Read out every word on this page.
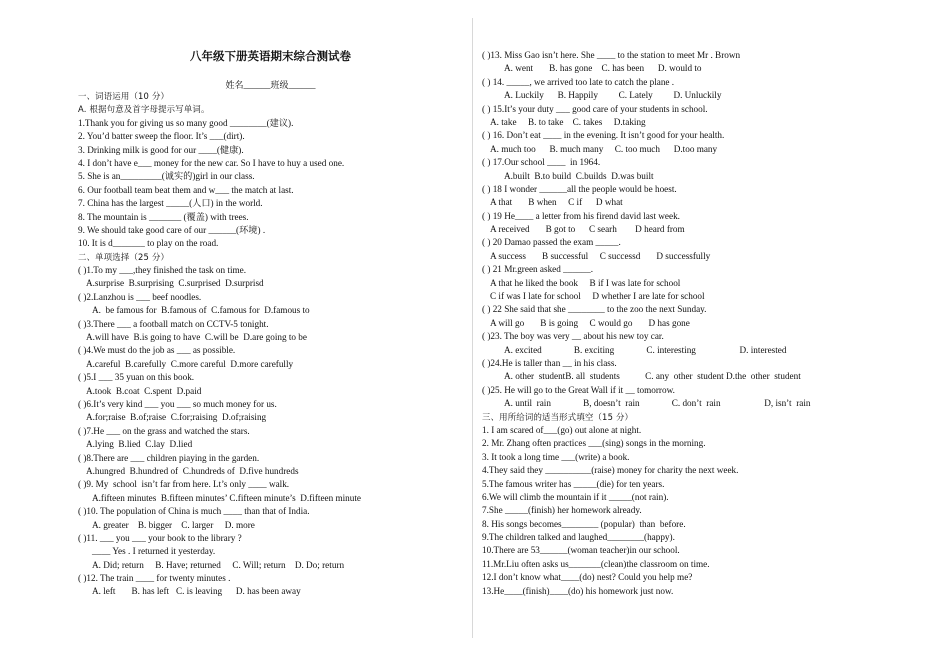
八年级下册英语期末综合测试卷
姓名______班级______
一、词语运用（10 分）
A. 根据句意及首字母提示写单词。
1.Thank you for giving us so many good ________(建议).
2. You’d batter sweep the floor. It’s ___(dirt).
3. Drinking milk is good for our ____(健康).
4. I don’t have e___ money for the new car. So I have to huy a used one.
5. She is an_________(诚实的)girl in our class.
6. Our football team beat them and w___ the match at last.
7. China has the largest _____(人口) in the world.
8. The mountain is _______ (覆盖) with trees.
9. We should take good care of our ______(环境) .
10. It is d_______ to play on the road.
二、单项选择（25 分）
( )1.To my ___,they finished the task on time.
A.surprise  B.surprising  C.surprised  D.surprisd
( )2.Lanzhou is ___ beef noodles.
A.  be famous for  B.famous of  C.famous for  D.famous to
( )3.There ___ a football match on CCTV-5 tonight.
A.will have  B.is going to have  C.will be  D.are going to be
( )4.We must do the job as ___ as possible.
A.careful  B.carefully  C.more careful  D.more carefully
( )5.I ___ 35 yuan on this book.
A.took  B.coat  C.spent  D.paid
( )6.It’s very kind ___ you ___ so much money for us.
A.for;raise  B.of;raise  C.for;raising  D.of;raising
( )7.He ___ on the grass and watched the stars.
A.lying  B.lied  C.lay  D.lied
( )8.There are ___ children piaying in the garden.
A.hungred  B.hundred of  C.hundreds of  D.five hundreds
( )9. My  school  isn’t far from here. Lt’s only ____ walk.
A.fifteen minutes  B.fifteen minutes’ C.fifteen minute’s  D.fifteen minute
( )10. The population of China is much ____ than that of India.
A. greater    B. bigger    C. larger     D. more
( )11. ___ you ___ your book to the library ?
____ Yes . I returned it yesterday.
A. Did; return     B. Have; returned     C. Will; return    D. Do; return
( )12. The train ____ for twenty minutes .
A. left       B. has left   C. is leaving      D. has been away
( )13. Miss Gao isn’t here. She ____ to the station to meet Mr . Brown
A. went       B. has gone    C. has been      D. would to
( ) 14. _____, we arrived too late to catch the plane .
A. Luckily      B. Happily         C. Lately         D. Unluckily
( ) 15.It’s your duty ___ good care of your students in school.
A. take     B. to take    C. takes     D.taking
( ) 16. Don’t eat ____ in the evening. It isn’t good for your health.
A. much too      B. much many     C. too much      D.too many
( ) 17.Our school ____  in 1964.
A.built  B.to build  C.builds  D.was built
( ) 18 I wonder ______all the people would be hoest.
A that       B when     C if      D what
( ) 19 He____ a letter from his firend david last week.
A received       B got to      C searh        D heard from
( ) 20 Damao passed the exam _____.
A success       B successful     C successd       D successfully
( ) 21 Mr.green asked ______.
A that he liked the book     B if I was late for school
C if was I late for school     D whether I are late for school
( ) 22 She said that she ________ to the zoo the next Sunday.
A will go       B is going     C would go       D has gone
( )23. The boy was very __ about his new toy car.
A. excited              B. exciting              C. interesting                   D. interested
( )24.He is taller than __ in his class.
A. other  studentB. all  students           C. any  other  student D.the  other  student
( )25. He will go to the Great Wall if it __ tomorrow.
A. until  rain              B, doesn’t  rain              C. don’t  rain                   D, isn’t  rain
三、用所给词的适当形式填空（15 分）
1. I am scared of___(go) out alone at night.
2. Mr. Zhang often practices ___(sing) songs in the morning.
3. It took a long time ___(write) a book.
4.They said they __________(raise) money for charity the next week.
5.The famous writer has _____(die) for ten years.
6.We will climb the mountain if it _____(not rain).
7.She _____(finish) her homework already.
8. His songs becomes________ (popular)  than  before.
9.The children talked and laughed________(happy).
10.There are 53______(woman teacher)in our school.
11.Mr.Liu often asks us_______(clean)the classroom on time.
12.I don’t know what____(do) nest? Could you help me?
13.He____(finish)____(do) his homework just now.
